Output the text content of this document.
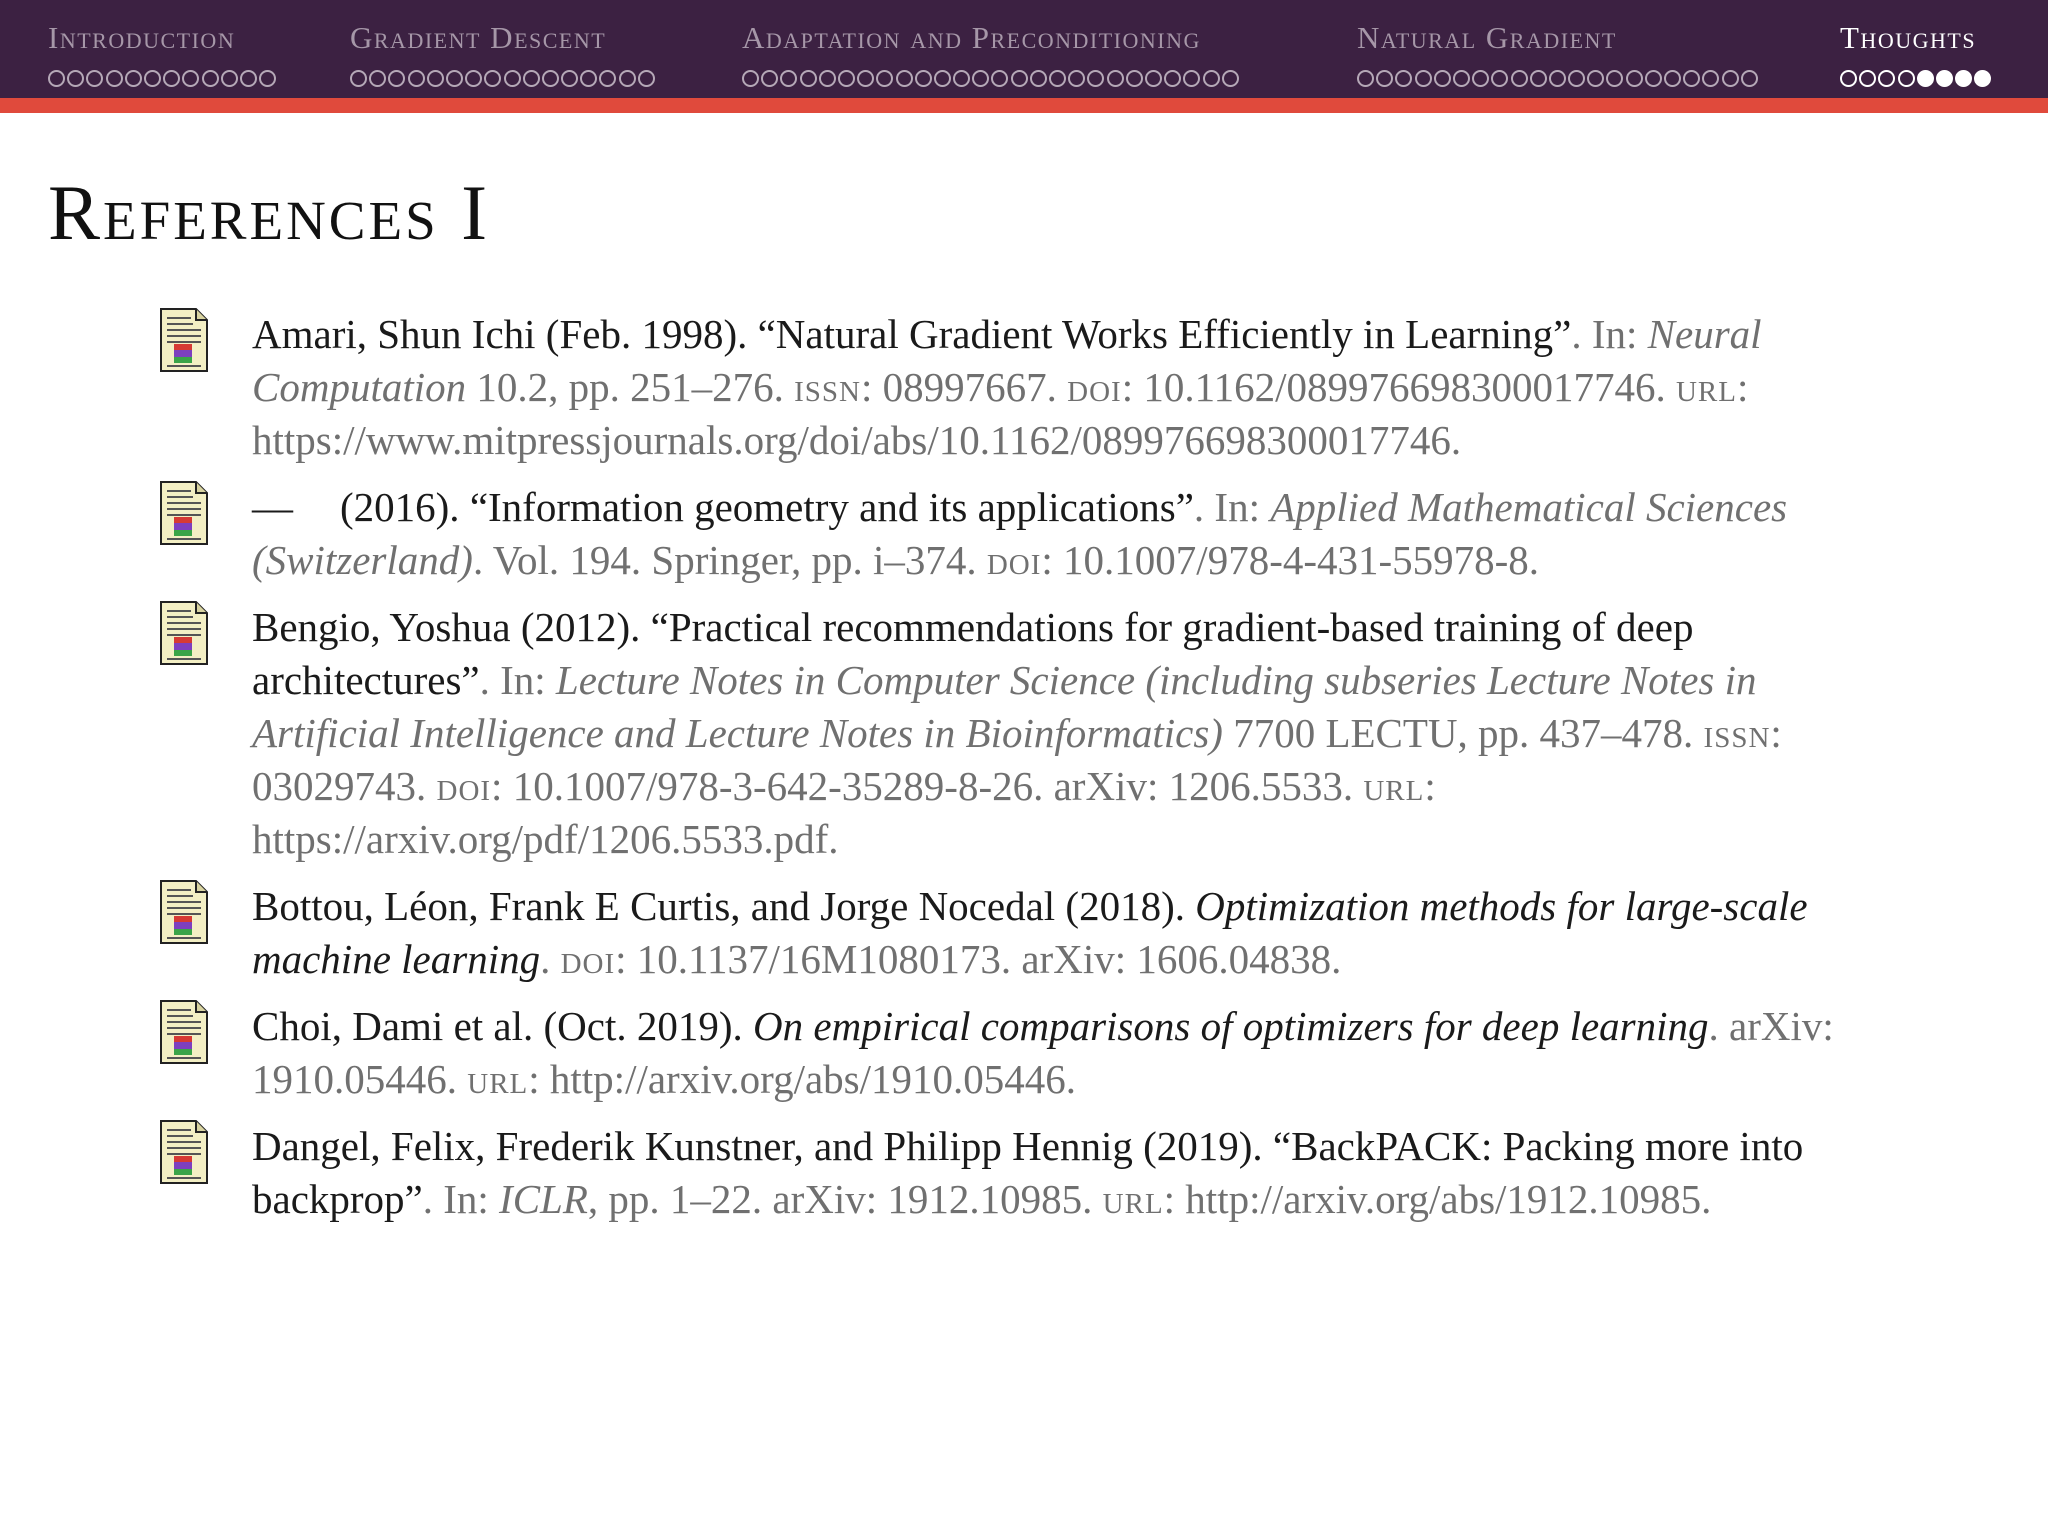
Introduction	Gradient Descent	Adaptation and Preconditioning	Natural Gradient	Thoughts
References I
Amari, Shun Ichi (Feb. 1998). “Natural Gradient Works Efficiently in Learning”. In: Neural Computation 10.2, pp. 251–276. issn: 08997667. doi: 10.1162/089976698300017746. url: https://www.mitpressjournals.org/doi/abs/10.1162/089976698300017746.
— (2016). “Information geometry and its applications”. In: Applied Mathematical Sciences (Switzerland). Vol. 194. Springer, pp. i–374. doi: 10.1007/978-4-431-55978-8.
Bengio, Yoshua (2012). “Practical recommendations for gradient-based training of deep architectures”. In: Lecture Notes in Computer Science (including subseries Lecture Notes in Artificial Intelligence and Lecture Notes in Bioinformatics) 7700 LECTU, pp. 437–478. issn: 03029743. doi: 10.1007/978-3-642-35289-8-26. arXiv: 1206.5533. url: https://arxiv.org/pdf/1206.5533.pdf.
Bottou, Léon, Frank E Curtis, and Jorge Nocedal (2018). Optimization methods for large-scale machine learning. doi: 10.1137/16M1080173. arXiv: 1606.04838.
Choi, Dami et al. (Oct. 2019). On empirical comparisons of optimizers for deep learning. arXiv: 1910.05446. url: http://arxiv.org/abs/1910.05446.
Dangel, Felix, Frederik Kunstner, and Philipp Hennig (2019). “BackPACK: Packing more into backprop”. In: ICLR, pp. 1–22. arXiv: 1912.10985. url: http://arxiv.org/abs/1912.10985.
